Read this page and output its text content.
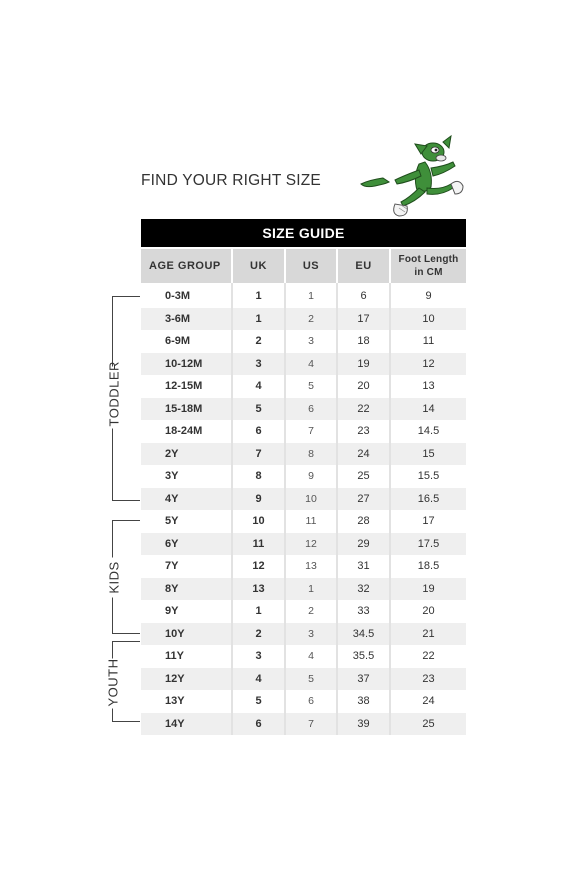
FIND YOUR RIGHT SIZE
SIZE GUIDE
AGE GROUP	UK	US	EU	Foot Length
in CM
0-3M	1	1	6	9
3-6M	1	2	17	10
6-9M	2	3	18	11
10-12M	3	4	19	12
12-15M	4	5	20	13
15-18M	5	6	22	14
18-24M	6	7	23	14.5
2Y	7	8	24	15
3Y	8	9	25	15.5
4Y	9	10	27	16.5
5Y	10	11	28	17
6Y	11	12	29	17.5
7Y	12	13	31	18.5
8Y	13	1	32	19
9Y	1	2	33	20
10Y	2	3	34.5	21
11Y	3	4	35.5	22
12Y	4	5	37	23
13Y	5	6	38	24
14Y	6	7	39	25
TODDLER
KIDS
YOUTH
